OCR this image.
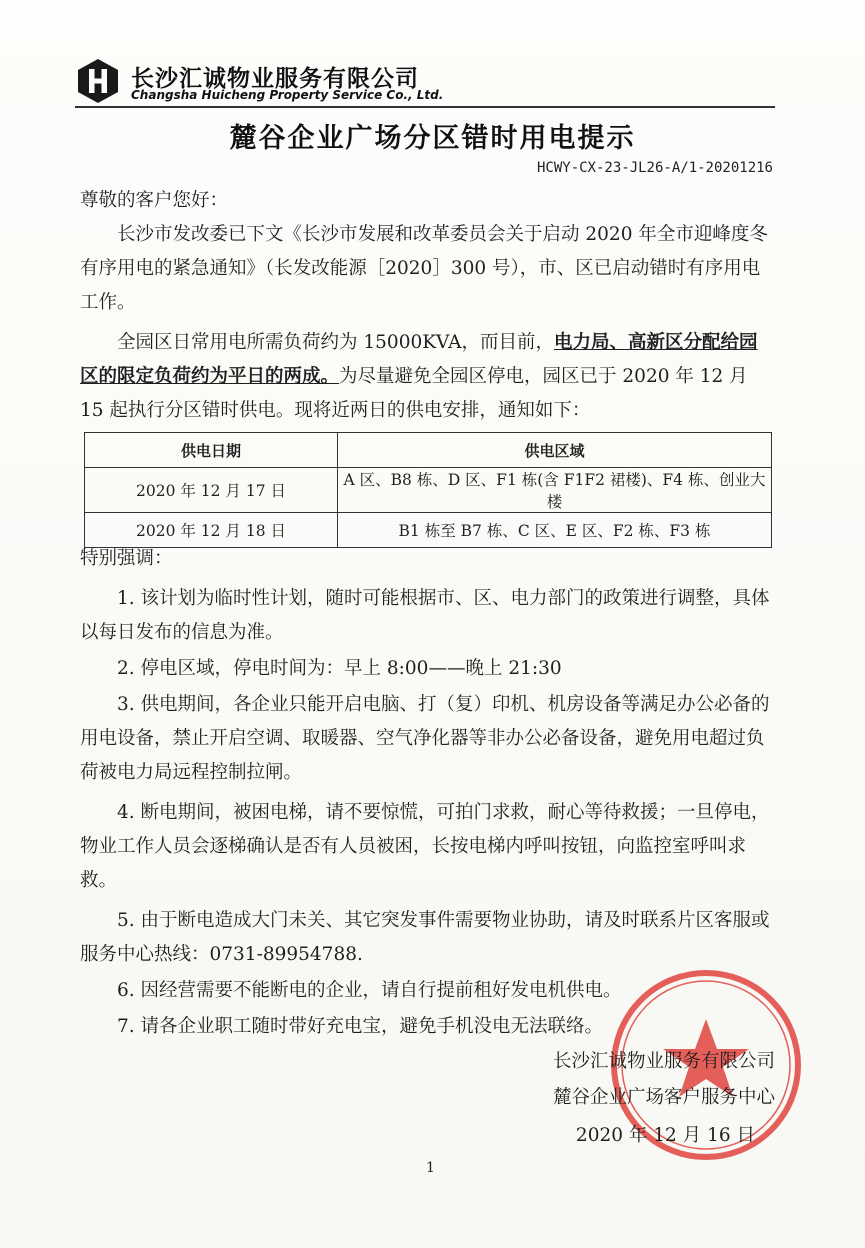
长沙汇诚物业服务有限公司
Changsha Huicheng Property Service Co., Ltd.
麓谷企业广场分区错时用电提示
HCWY-CX-23-JL26-A/1-20201216
尊敬的客户您好：
长沙市发改委已下文《长沙市发展和改革委员会关于启动 2020 年全市迎峰度冬有序用电的紧急通知》（长发改能源［2020］300 号），市、区已启动错时有序用电工作。
全园区日常用电所需负荷约为 15000KVA，而目前，电力局、高新区分配给园区的限定负荷约为平日的两成。为尽量避免全园区停电，园区已于 2020 年 12 月 15 起执行分区错时供电。现将近两日的供电安排，通知如下：
供电日期	供电区域
2020 年 12 月 17 日	A 区、B8 栋、D 区、F1 栋(含 F1F2 裙楼)、F4 栋、创业大楼
2020 年 12 月 18 日	B1 栋至 B7 栋、C 区、E 区、F2 栋、F3 栋
特别强调：
1. 该计划为临时性计划，随时可能根据市、区、电力部门的政策进行调整，具体以每日发布的信息为准。
2. 停电区域，停电时间为：早上 8:00——晚上 21:30
3. 供电期间，各企业只能开启电脑、打（复）印机、机房设备等满足办公必备的用电设备，禁止开启空调、取暖器、空气净化器等非办公必备设备，避免用电超过负荷被电力局远程控制拉闸。
4. 断电期间，被困电梯，请不要惊慌，可拍门求救，耐心等待救援；一旦停电，物业工作人员会逐梯确认是否有人员被困，长按电梯内呼叫按钮，向监控室呼叫求救。
5. 由于断电造成大门未关、其它突发事件需要物业协助，请及时联系片区客服或服务中心热线：0731-89954788.
6. 因经营需要不能断电的企业，请自行提前租好发电机供电。
7. 请各企业职工随时带好充电宝，避免手机没电无法联络。
长沙汇诚物业服务有限公司
麓谷企业广场客户服务中心
2020 年 12 月 16 日
1
